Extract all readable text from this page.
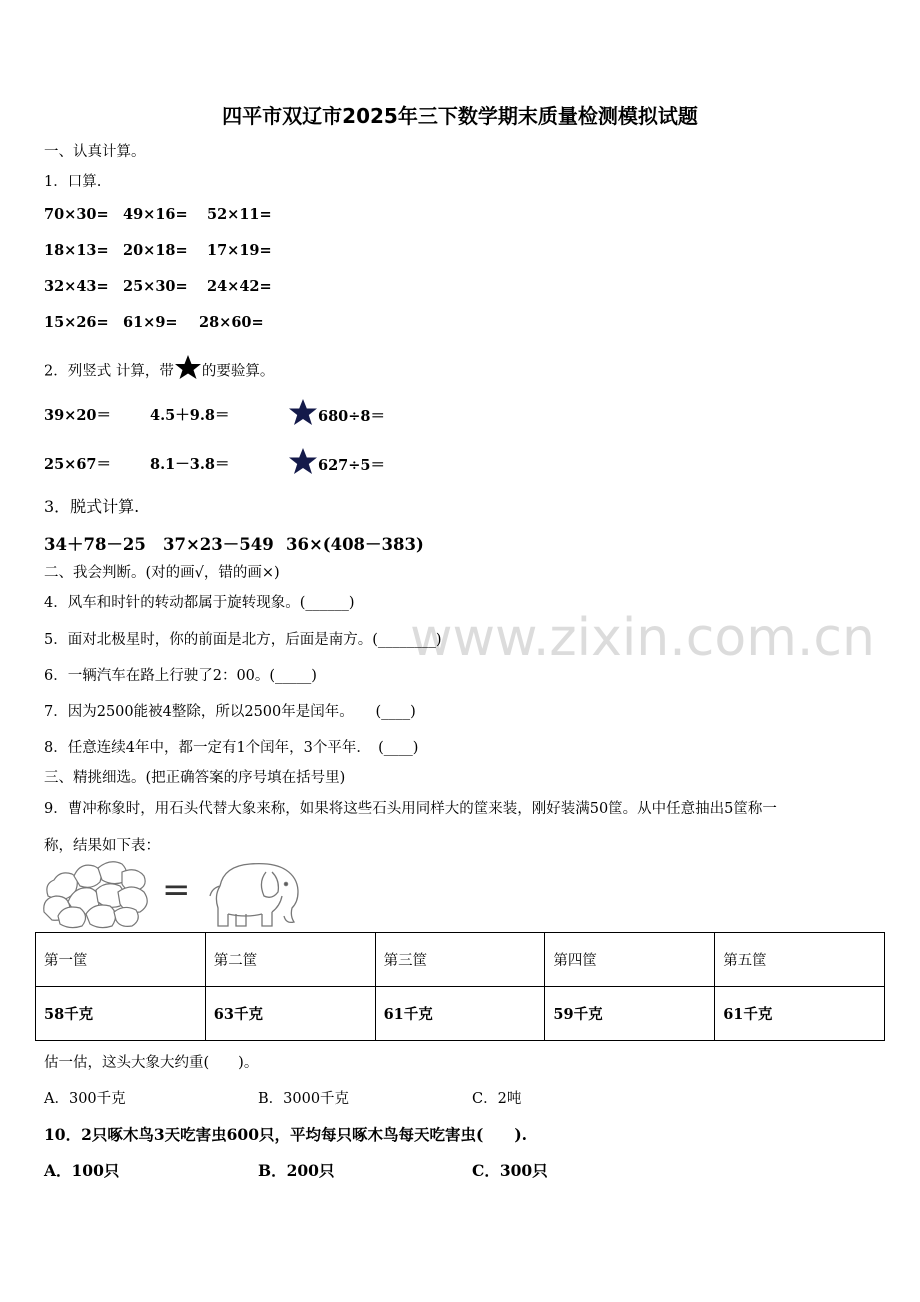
www.zixin.com.cn
四平市双辽市2025年三下数学期末质量检测模拟试题
一、认真计算。
1．口算.
70×30= 49×16= 52×11=
18×13= 20×18= 17×19=
32×43= 25×30= 24×42=
15×26= 61×9= 28×60=
2．列竖式 计算，带 的要验算。
39×20＝	4.5＋9.8＝	680÷8＝
25×67＝	8.1－3.8＝	627÷5＝
3．脱式计算.
34＋78－25 37×23－549 36×(408－383)
二、我会判断。(对的画√，错的画×)
4．风车和时针的转动都属于旋转现象。(______)
5．面对北极星时，你的前面是北方，后面是南方。(________)
6．一辆汽车在路上行驶了2：00。(_____)
7．因为2500能被4整除，所以2500年是闰年。　　(____)
8．任意连续4年中，都一定有1个闰年，3个平年．　(____)
三、精挑细选。(把正确答案的序号填在括号里)
9．曹冲称象时，用石头代替大象来称，如果将这些石头用同样大的筐来装，刚好装满50筐。从中任意抽出5筐称一
称，结果如下表：
=
第一筐	第二筐	第三筐	第四筐	第五筐
58千克	63千克	61千克	59千克	61千克
估一估，这头大象大约重(　　)。
A．300千克	B．3000千克	C．2吨
10．2只啄木鸟3天吃害虫600只，平均每只啄木鸟每天吃害虫(　　).
A．100只	B．200只	C．300只
